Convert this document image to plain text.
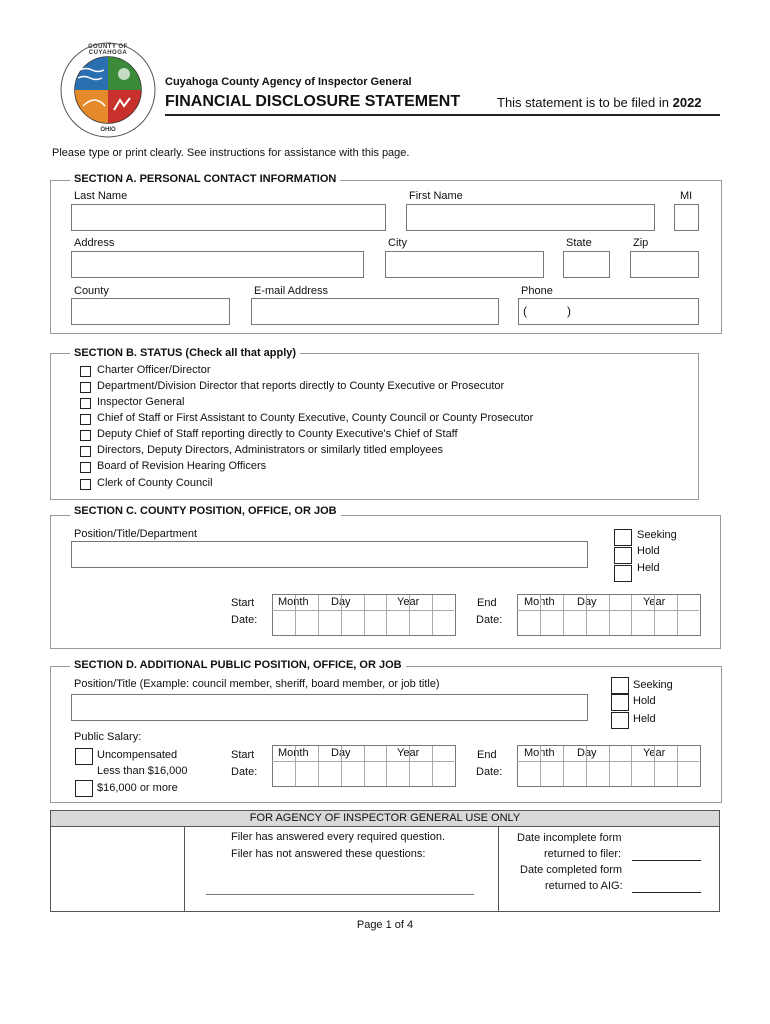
COUNTY OF CUYAHOGA
OHIO
Cuyahoga County Agency of Inspector General
FINANCIAL DISCLOSURE STATEMENT	This statement is to be filed in 2022
Please type or print clearly. See instructions for assistance with this page.
SECTION A. PERSONAL CONTACT INFORMATION
Last Name	First Name	MI
Address	City	State	Zip
County	E-mail Address	Phone
(	)
SECTION B. STATUS (Check all that apply)
Charter Officer/Director
Department/Division Director that reports directly to County Executive or Prosecutor
Inspector General
Chief of Staff or First Assistant to County Executive, County Council or County Prosecutor
Deputy Chief of Staff reporting directly to County Executive's Chief of Staff
Directors, Deputy Directors, Administrators or similarly titled employees
Board of Revision Hearing Officers
Clerk of County Council
SECTION C. COUNTY POSITION, OFFICE, OR JOB
Position/Title/Department	Seeking
Hold
Held
Start
Date:
Month Day	Year	End
Date:
Month Day	Year
SECTION D. ADDITIONAL PUBLIC POSITION, OFFICE, OR JOB
Position/Title (Example: council member, sheriff, board member, or job title)	Seeking
Hold
Held
Public Salary:
Uncompensated
Less than $16,000
$16,000 or more
Start
Date:
Month Day	Year	End
Date:
Month Day	Year
FOR AGENCY OF INSPECTOR GENERAL USE ONLY
Filer has answered every required question.
Filer has not answered these questions:
Date incomplete form
returned to filer:
Date completed form
returned to AIG:
Page 1 of 4
